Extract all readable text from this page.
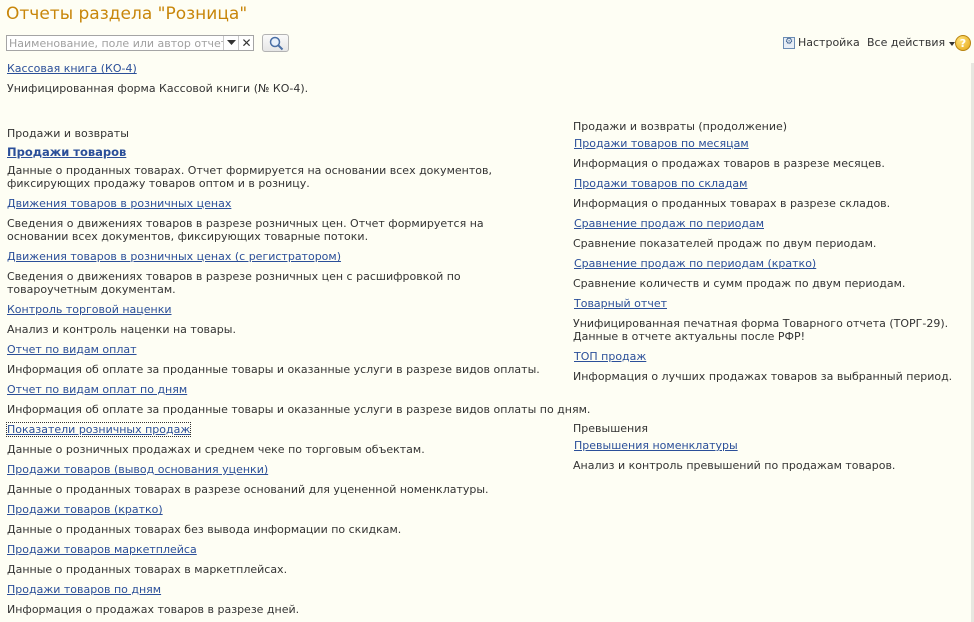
Отчеты раздела "Розница"
Наименование, поле или автор отчета
✕	⚙ Настройка Все действия ?
Кассовая книга (КО-4)
Унифицированная форма Кассовой книги (№ КО-4).
Продажи и возвраты
Продажи товаров
Данные о проданных товарах. Отчет формируется на основании всех документов, фиксирующих продажу товаров оптом и в розницу.
Движения товаров в розничных ценах
Сведения о движениях товаров в разрезе розничных цен. Отчет формируется на основании всех документов, фиксирующих товарные потоки.
Движения товаров в розничных ценах (с регистратором)
Сведения о движениях товаров в разрезе розничных цен с расшифровкой по товароучетным документам.
Контроль торговой наценки
Анализ и контроль наценки на товары.
Отчет по видам оплат
Информация об оплате за проданные товары и оказанные услуги в разрезе видов оплаты.
Отчет по видам оплат по дням
Информация об оплате за проданные товары и оказанные услуги в разрезе видов оплаты по дням.
Показатели розничных продаж
Данные о розничных продажах и среднем чеке по торговым объектам.
Продажи товаров (вывод основания уценки)
Данные о проданных товарах в разрезе оснований для уцененной номенклатуры.
Продажи товаров (кратко)
Данные о проданных товарах без вывода информации по скидкам.
Продажи товаров маркетплейса
Данные о проданных товарах в маркетплейсах.
Продажи товаров по дням
Информация о продажах товаров в разрезе дней.
Продажи и возвраты (продолжение)
Продажи товаров по месяцам
Информация о продажах товаров в разрезе месяцев.
Продажи товаров по складам
Информация о проданных товарах в разрезе складов.
Сравнение продаж по периодам
Сравнение показателей продаж по двум периодам.
Сравнение продаж по периодам (кратко)
Сравнение количеств и сумм продаж по двум периодам.
Товарный отчет
Унифицированная печатная форма Товарного отчета (ТОРГ-29). Данные в отчете актуальны после РФР!
ТОП продаж
Информация о лучших продажах товаров за выбранный период.
Превышения
Превышения номенклатуры
Анализ и контроль превышений по продажам товаров.
